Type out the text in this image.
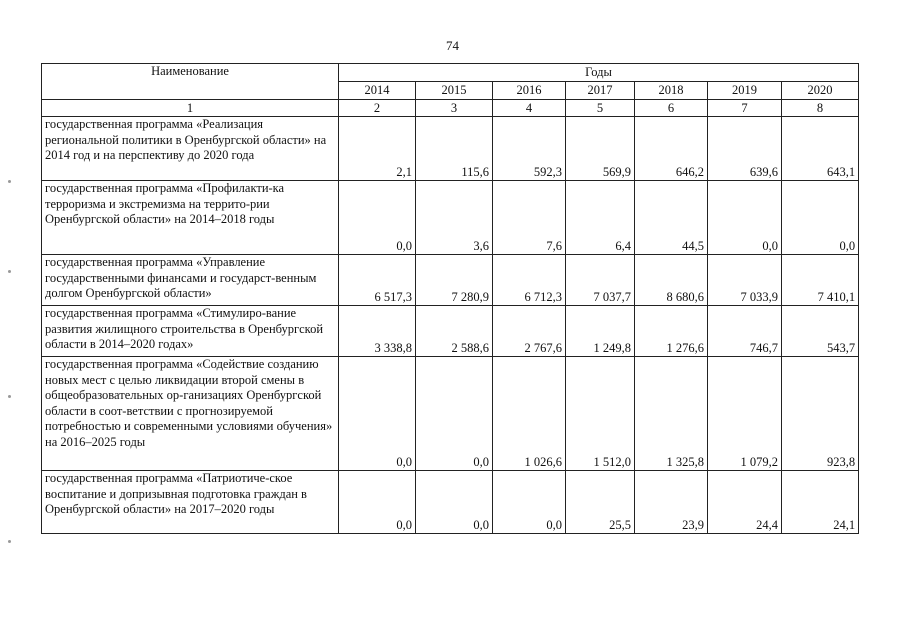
74
Наименование	Годы						
	2014	2015	2016	2017	2018	2019	2020
1	2	3	4	5	6	7	8
государственная программа «Реализация региональной политики в Оренбургской области» на 2014 год и на перспективу до 2020 года	2,1	115,6	592,3	569,9	646,2	639,6	643,1
государственная программа «Профилакти-ка терроризма и экстремизма на террито-рии Оренбургской области» на 2014–2018 годы	0,0	3,6	7,6	6,4	44,5	0,0	0,0
государственная программа «Управление государственными финансами и государст-венным долгом Оренбургской области»	6 517,3	7 280,9	6 712,3	7 037,7	8 680,6	7 033,9	7 410,1
государственная программа «Стимулиро-вание развития жилищного строительства в Оренбургской области в 2014–2020 годах»	3 338,8	2 588,6	2 767,6	1 249,8	1 276,6	746,7	543,7
государственная программа «Содействие созданию новых мест с целью ликвидации второй смены в общеобразовательных ор-ганизациях Оренбургской области в соот-ветствии с прогнозируемой потребностью и современными условиями обучения» на 2016–2025 годы	0,0	0,0	1 026,6	1 512,0	1 325,8	1 079,2	923,8
государственная программа «Патриотиче-ское воспитание и допризывная подготовка граждан в Оренбургской области» на 2017–2020 годы	0,0	0,0	0,0	25,5	23,9	24,4	24,1
